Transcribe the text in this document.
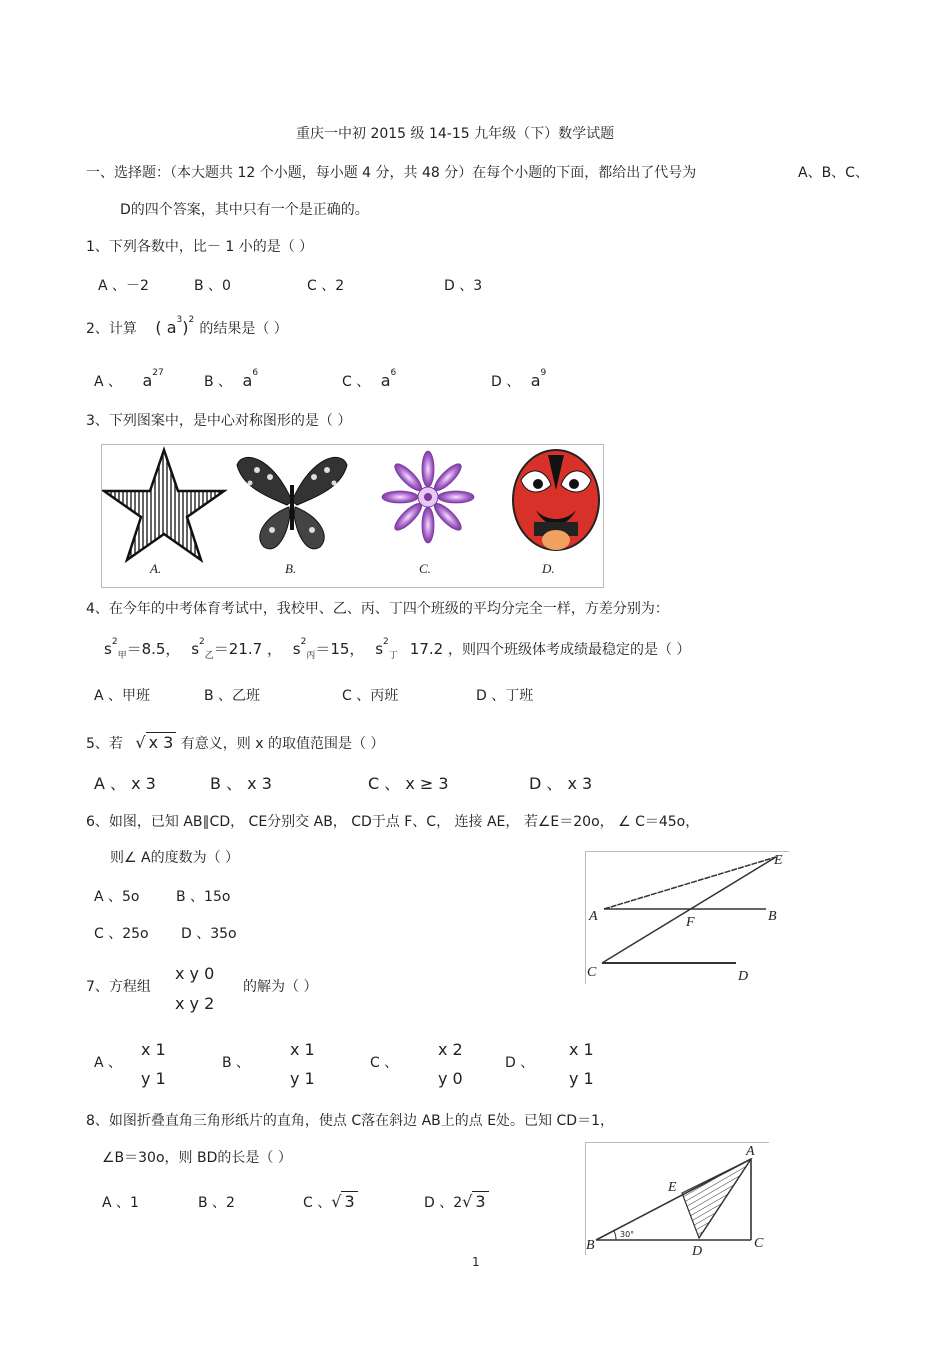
重庆一中初 2015 级 14-15 九年级（下）数学试题
一、选择题：（本大题共 12 个小题，每小题 4 分，共 48 分）在每个小题的下面，都给出了代号为	A、B、C、
D的四个答案，其中只有一个是正确的。
1、下列各数中，比－ 1 小的是（ ）
A 、－2	B 、0	C 、2	D 、3
2、计算 ( $a^3)^2$ 的结果是（ ）
A 、 $a^{27}$
B 、 $a^6$
C 、 $a^6$
D 、 $a^9$
3、下列图案中，是中心对称图形的是（ ）
A.	B.	C.	D.
4、在今年的中考体育考试中，我校甲、乙、丙、丁四个班级的平均分完全一样，方差分别为：
$s^2_甲=8.5$， $s^2_乙=21.7$ ， $s^2_丙=15$， $s^2_丁$ 17.2 ，则四个班级体考成绩最稳定的是（ ）
A 、甲班	B 、乙班	C 、丙班	D 、丁班
5、若 √ x 3 有意义，则 x 的取值范围是（ ）
A 、 x 3	B 、 x 3	C 、 x ≥ 3	D 、 x 3
6、如图，已知 AB∥CD， CE分别交 AB， CD于点 F、C， 连接 AE， 若∠E＝20o， ∠ C＝45o，
则∠ A的度数为（ ）
A 、5o	B 、15o
C 、25o D 、35o
E
A	F	B
C	D
7、方程组
x y 0
x y 2
的解为（ ）
A 、
x 1
y 1
B 、
x 1
y 1
C 、
x 2
y 0
D 、
x 1
y 1
8、如图折叠直角三角形纸片的直角，使点 C落在斜边 AB上的点 E处。已知 CD＝1，
∠B＝30o，则 BD的长是（ ）
A 、1	B 、2	C 、√ 3	D 、2√ 3
A
E
B	D
C
30°
1
